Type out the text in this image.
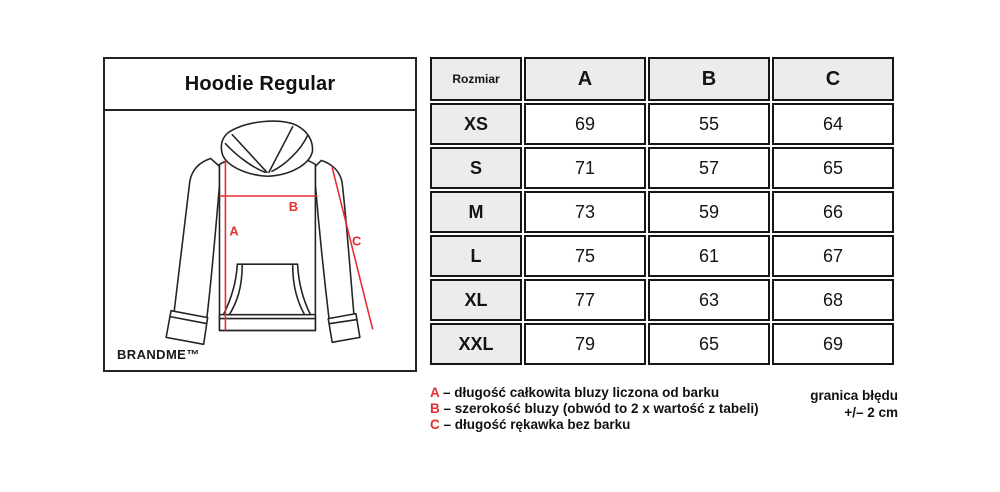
Hoodie Regular
A
B
C
BRANDME™
Rozmiar	A	B	C
XS	69	55	64
S	71	57	65
M	73	59	66
L	75	61	67
XL	77	63	68
XXL	79	65	69
A – długość całkowita bluzy liczona od barku
B – szerokość bluzy (obwód to 2 x wartość z tabeli)
C – długość rękawka bez barku
granica błędu
+/– 2 cm
